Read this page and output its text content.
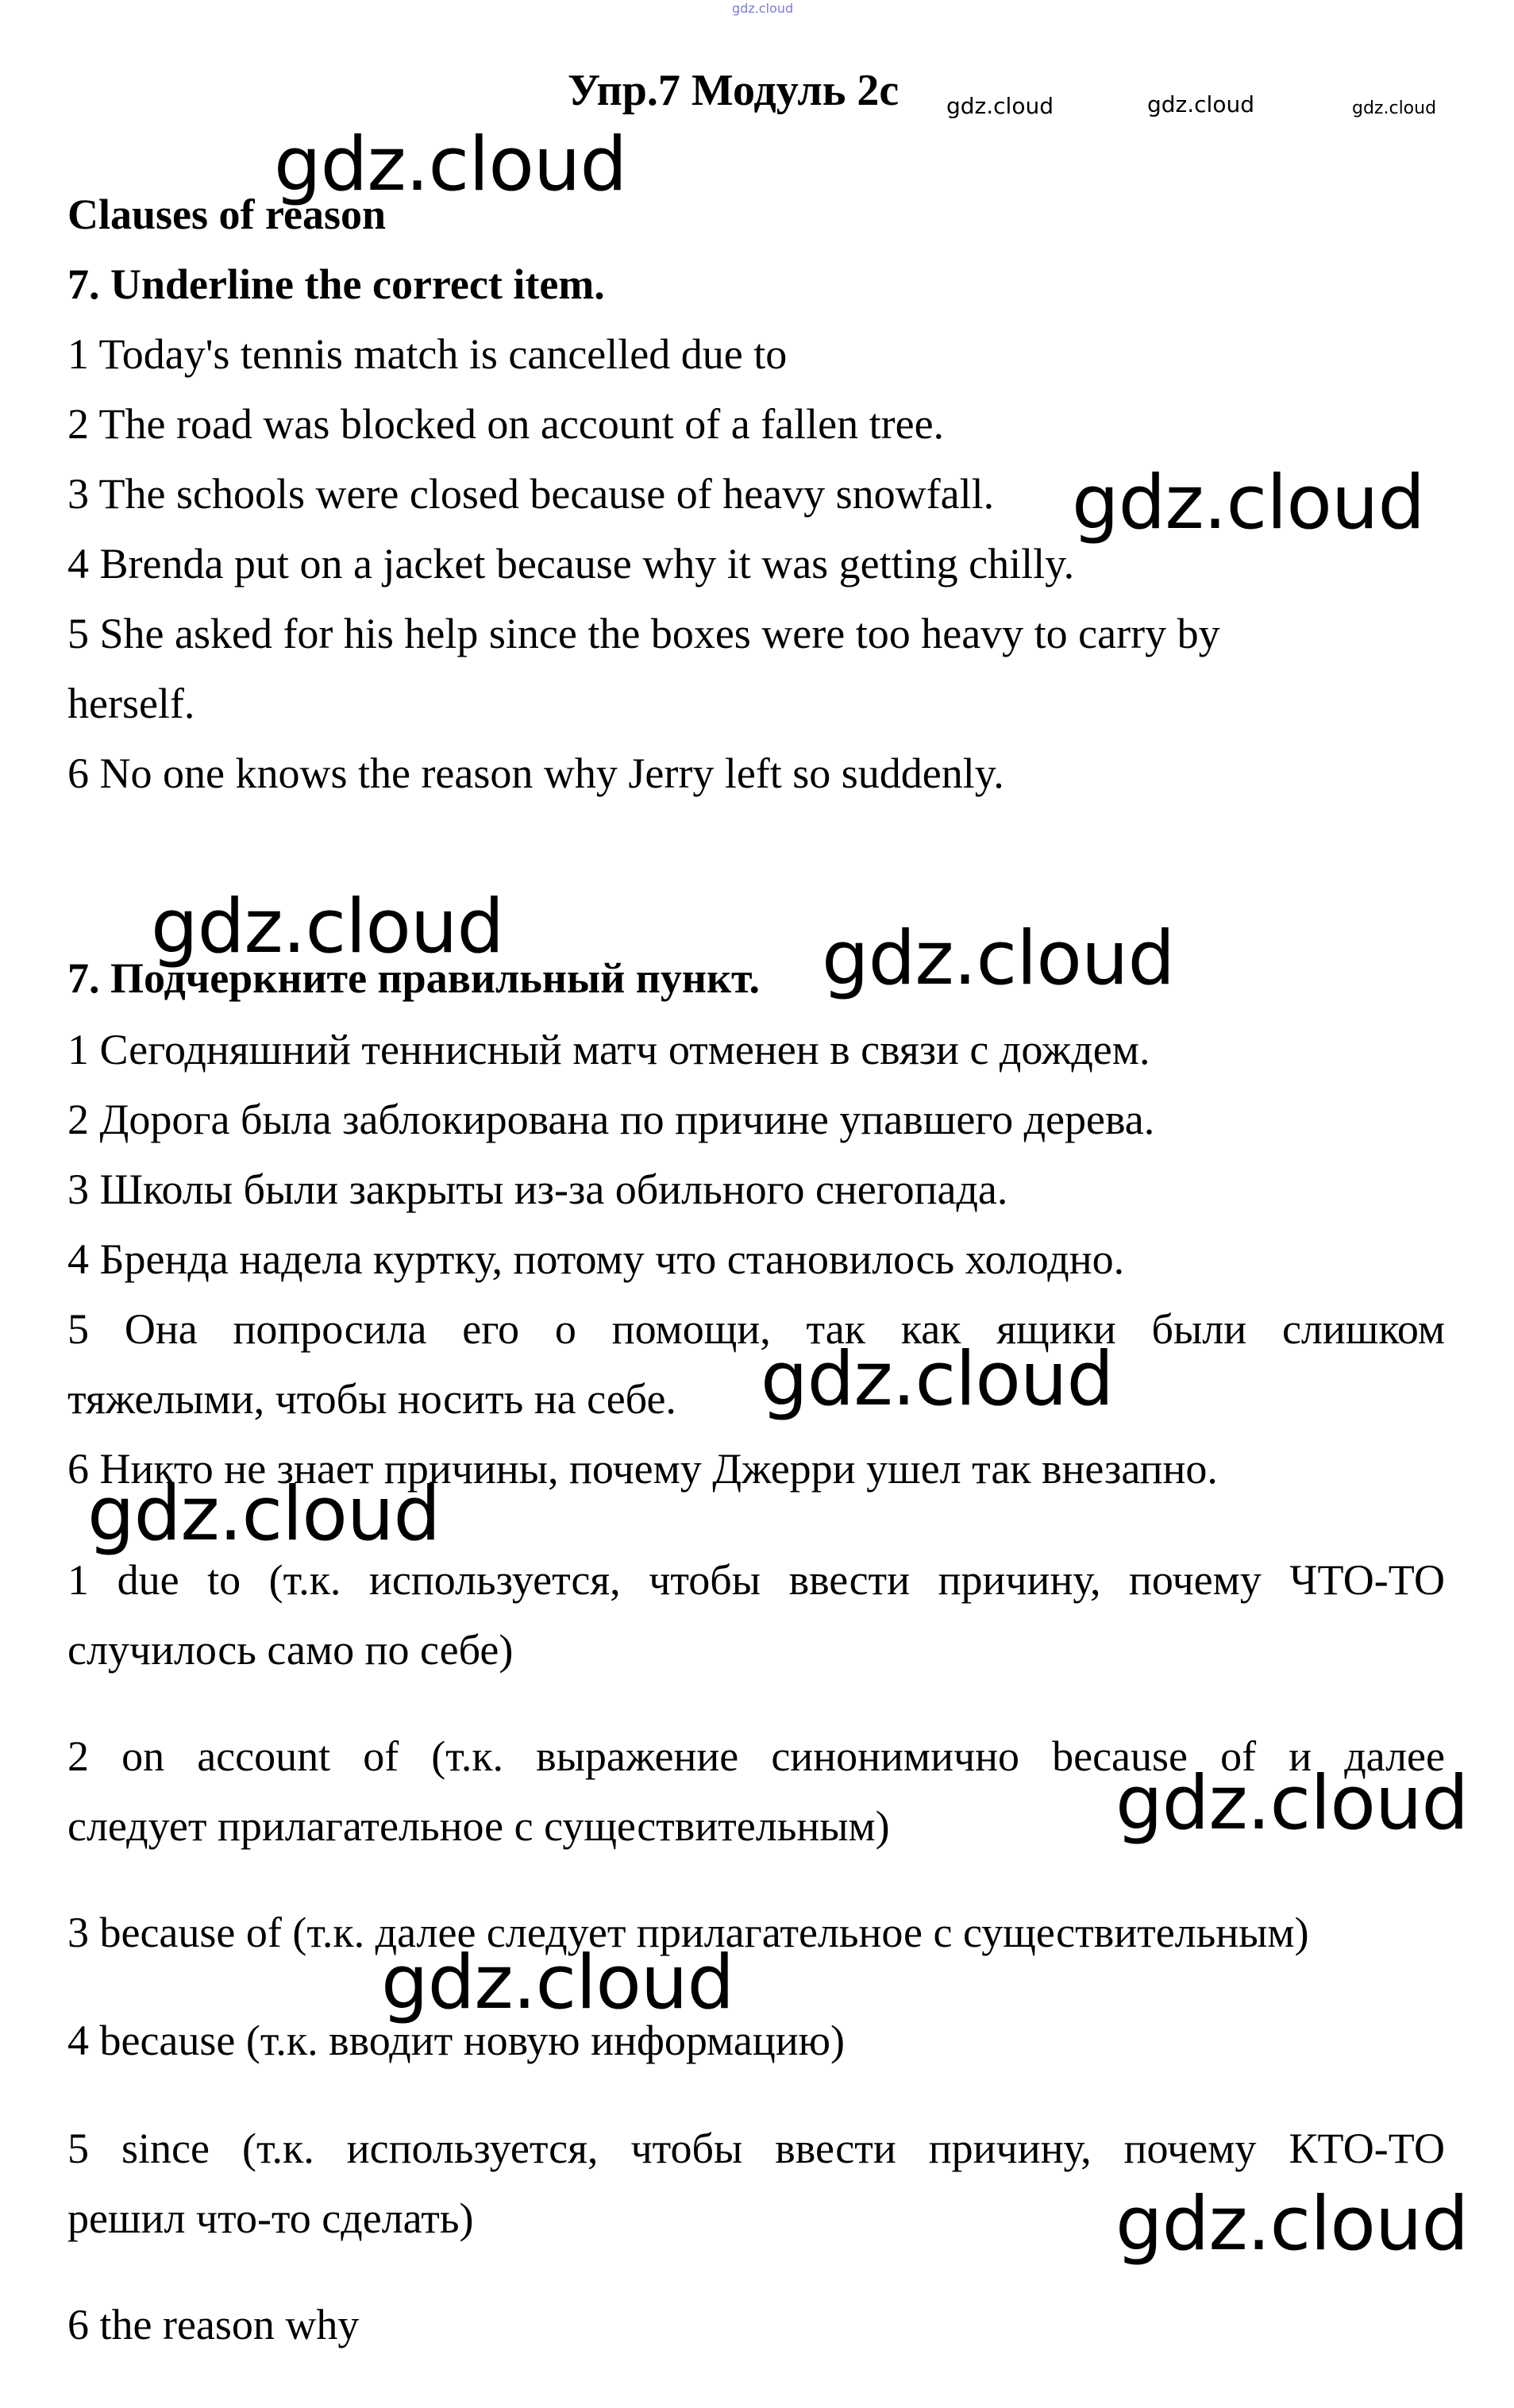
gdz.cloud
Упр.7 Модуль 2с gdz.cloud	gdz.cloud	gdz.cloud
Clauses of reason
7. Underline the correct item.
1 Today's tennis match is cancelled due to
2 The road was blocked on account of a fallen tree.
3 The schools were closed because of heavy snowfall.
4 Brenda put on a jacket because why it was getting chilly.
5 She asked for his help since the boxes were too heavy to carry by
herself.
6 No one knows the reason why Jerry left so suddenly.
gdz.cloud
gdz.cloud
gdz.cloud
7. Подчеркните правильный пункт. gdz.cloud
1 Сегодняшний теннисный матч отменен в связи с дождем.
2 Дорога была заблокирована по причине упавшего дерева.
3 Школы были закрыты из-за обильного снегопада.
4 Бренда надела куртку, потому что становилось холодно.
5 Она попросила его о помощи, так как ящики были слишком
тяжелыми, чтобы носить на себе. gdz.cloud
6 Никто не знает причины, почему Джерри ушел так внезапно.
gdz.cloud
1 due to (т.к. используется, чтобы ввести причину, почему ЧТО-ТО
случилось само по себе)
2 on account of (т.к. выражение синонимично because of и далее
следует прилагательное с существительным)	gdz.cloud
3 because of (т.к. далее следует прилагательное с существительным)
gdz.cloud
4 because (т.к. вводит новую информацию)
5 since (т.к. используется, чтобы ввести причину, почему КТО-ТО
решил что-то сделать)	gdz.cloud
6 the reason why
